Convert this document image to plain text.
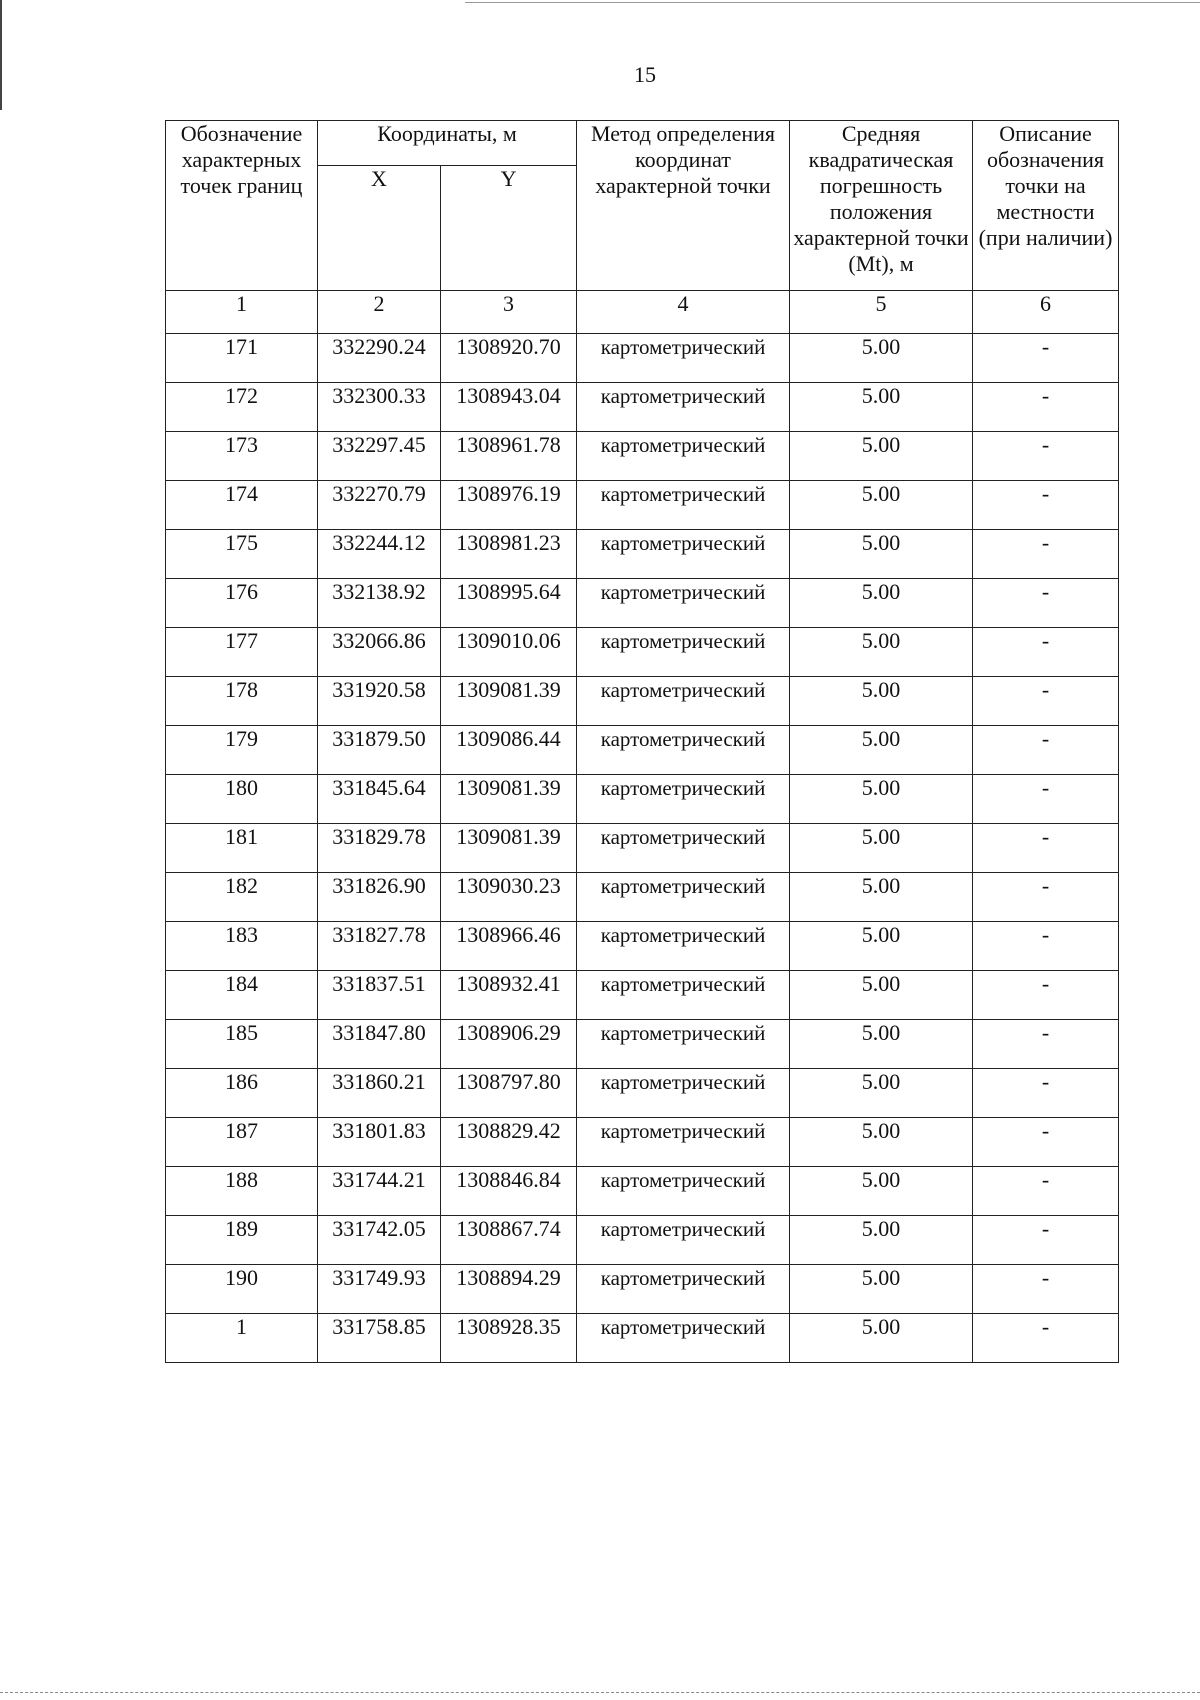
15
Обозначение характерных точек границ	Координаты, м		Метод определения координат характерной точки	Средняя квадратическая погрешность положения характерной точки (Mt), м	Описание обозначения точки на местности (при наличии)
	X	Y			
1	2	3	4	5	6
171	332290.24	1308920.70	картометрический	5.00	-
172	332300.33	1308943.04	картометрический	5.00	-
173	332297.45	1308961.78	картометрический	5.00	-
174	332270.79	1308976.19	картометрический	5.00	-
175	332244.12	1308981.23	картометрический	5.00	-
176	332138.92	1308995.64	картометрический	5.00	-
177	332066.86	1309010.06	картометрический	5.00	-
178	331920.58	1309081.39	картометрический	5.00	-
179	331879.50	1309086.44	картометрический	5.00	-
180	331845.64	1309081.39	картометрический	5.00	-
181	331829.78	1309081.39	картометрический	5.00	-
182	331826.90	1309030.23	картометрический	5.00	-
183	331827.78	1308966.46	картометрический	5.00	-
184	331837.51	1308932.41	картометрический	5.00	-
185	331847.80	1308906.29	картометрический	5.00	-
186	331860.21	1308797.80	картометрический	5.00	-
187	331801.83	1308829.42	картометрический	5.00	-
188	331744.21	1308846.84	картометрический	5.00	-
189	331742.05	1308867.74	картометрический	5.00	-
190	331749.93	1308894.29	картометрический	5.00	-
1	331758.85	1308928.35	картометрический	5.00	-
